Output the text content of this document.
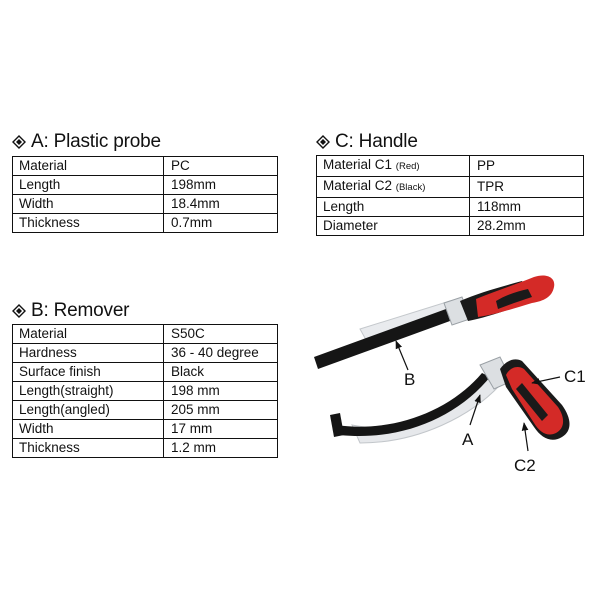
A: Plastic probe
Material	PC
Length	198mm
Width	18.4mm
Thickness	0.7mm
C: Handle
Material C1 (Red)	PP
Material C2 (Black)	TPR
Length	118mm
Diameter	28.2mm
B: Remover
Material	S50C
Hardness	36 - 40 degree
Surface finish	Black
Length(straight)	198 mm
Length(angled)	205 mm
Width	17 mm
Thickness	1.2 mm
B
A
C1
C2
